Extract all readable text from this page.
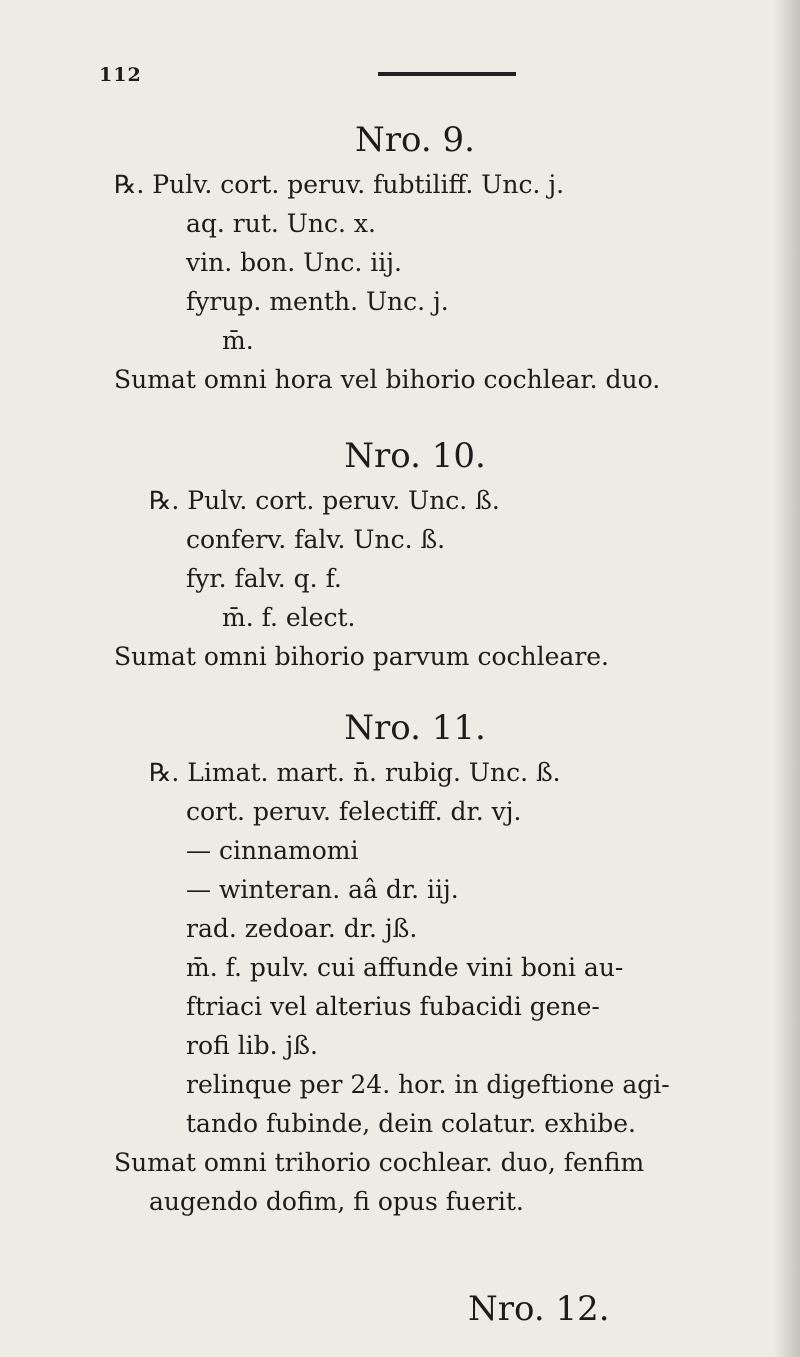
112
Nro. 9.
℞. Pulv. cort. peruv. fubtiliff. Unc. j.
aq. rut. Unc. x.
vin. bon. Unc. iij.
fyrup. menth. Unc. j.
m̄.
Sumat omni hora vel bihorio cochlear. duo.
Nro. 10.
℞. Pulv. cort. peruv. Unc. ß.
conferv. falv. Unc. ß.
fyr. falv. q. f.
m̄. f. elect.
Sumat omni bihorio parvum cochleare.
Nro. 11.
℞. Limat. mart. n̄. rubig. Unc. ß.
cort. peruv. felectiff. dr. vj.
— cinnamomi
— winteran. aâ dr. iij.
rad. zedoar. dr. jß.
m̄. f. pulv. cui affunde vini boni au-
ftriaci vel alterius fubacidi gene-
rofi lib. jß.
relinque per 24. hor. in digeftione agi-
tando fubinde, dein colatur. exhibe.
Sumat omni trihorio cochlear. duo, fenfim
augendo dofim, fi opus fuerit.
Nro. 12.
